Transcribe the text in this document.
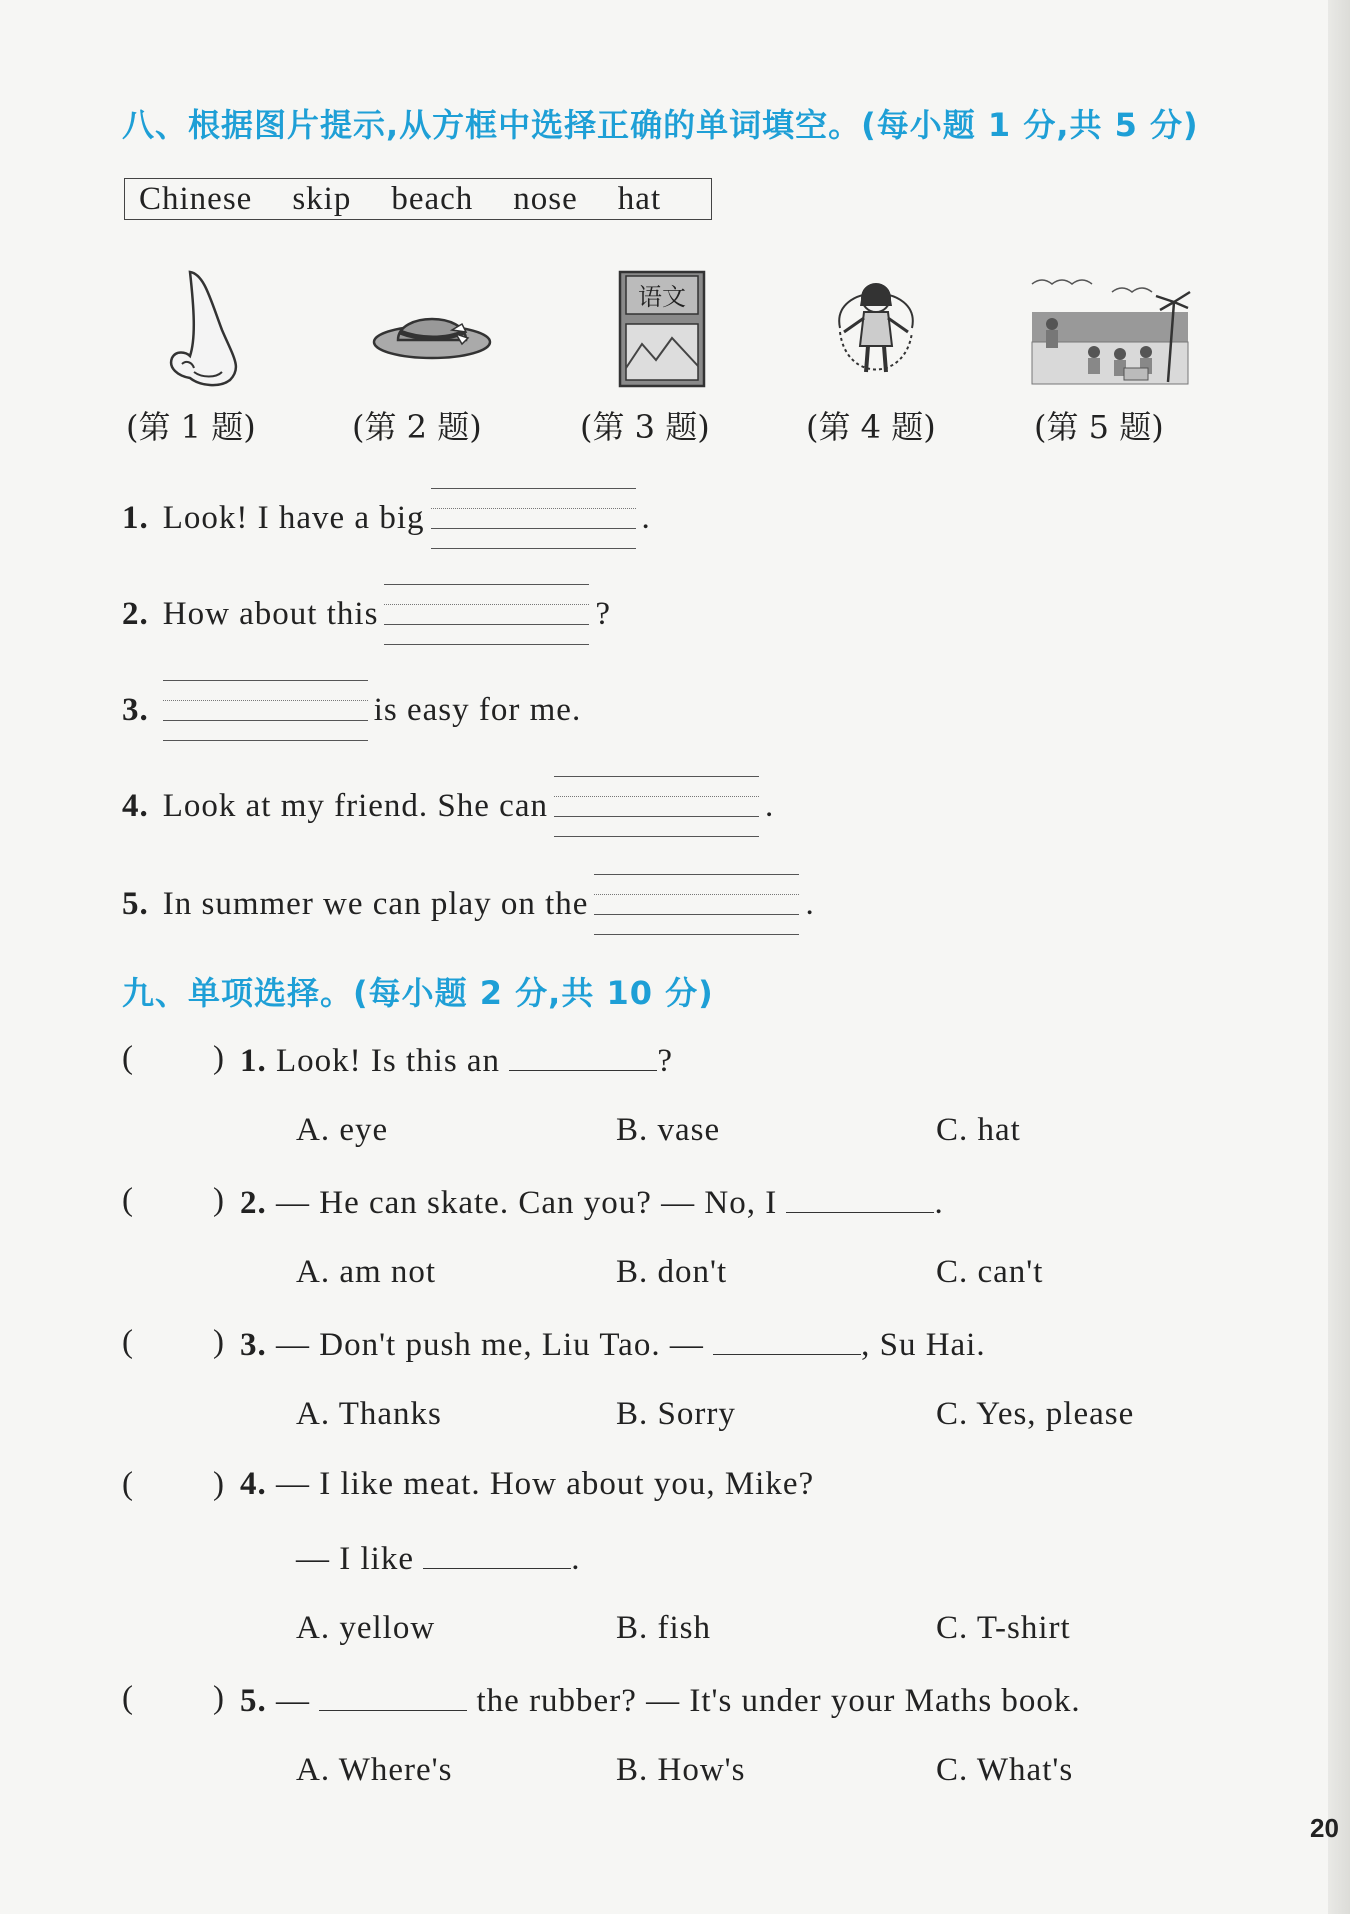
八、根据图片提示,从方框中选择正确的单词填空。(每小题 1 分,共 5 分)
Chinese skip beach nose hat
语文
(第 1 题)	(第 2 题)	(第 3 题)	(第 4 题)	(第 5 题)
1. Look! I have a big	.
2. How about this	?
3.	is easy for me.
4. Look at my friend. She can	.
5. In summer we can play on the	.
九、单项选择。(每小题 2 分,共 10 分)
( ) 1. Look! Is this an	?
A. eye	B. vase	C. hat
( ) 2. — He can skate. Can you? — No, I	.
A. am not	B. don't	C. can't
( ) 3. — Don't push me, Liu Tao. —	, Su Hai.
A. Thanks	B. Sorry	C. Yes, please
( ) 4. — I like meat. How about you, Mike?
— I like	.
A. yellow	B. fish	C. T-shirt
( ) 5. —	the rubber? — It's under your Maths book.
A. Where's	B. How's	C. What's
20
